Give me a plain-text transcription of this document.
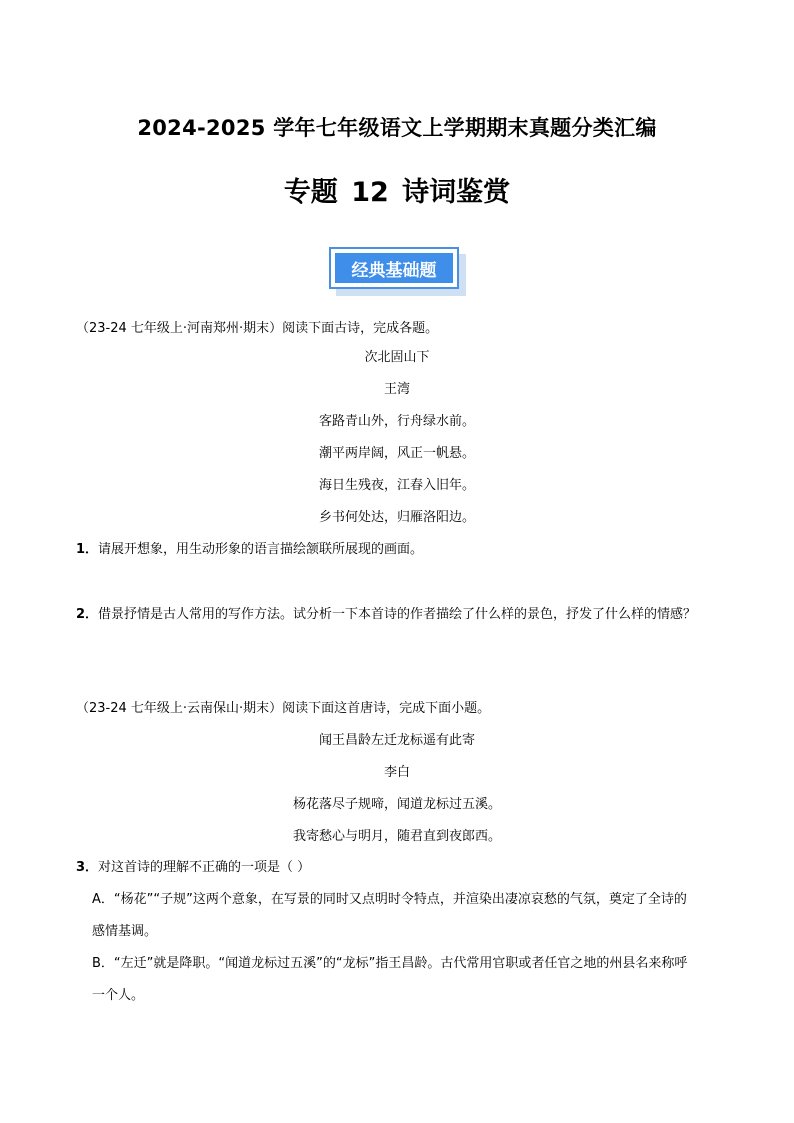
2024-2025 学年七年级语文上学期期末真题分类汇编
专题 12 诗词鉴赏
经典基础题

（23-24 七年级上·河南郑州·期末）阅读下面古诗，完成各题。

次北固山下

王湾

客路青山外，行舟绿水前。

潮平两岸阔，风正一帆悬。

海日生残夜，江春入旧年。

乡书何处达，归雁洛阳边。

1．请展开想象，用生动形象的语言描绘颔联所展现的画面。

2．借景抒情是古人常用的写作方法。试分析一下本首诗的作者描绘了什么样的景色，抒发了什么样的情感？

（23-24 七年级上·云南保山·期末）阅读下面这首唐诗，完成下面小题。

闻王昌龄左迁龙标遥有此寄

李白

杨花落尽子规啼，闻道龙标过五溪。

我寄愁心与明月，随君直到夜郎西。

3．对这首诗的理解不正确的一项是（ ）

A．“杨花”“子规”这两个意象，在写景的同时又点明时令特点，并渲染出凄凉哀愁的气氛，奠定了全诗的

感情基调。

B．“左迁”就是降职。“闻道龙标过五溪”的“龙标”指王昌龄。古代常用官职或者任官之地的州县名来称呼

一个人。
